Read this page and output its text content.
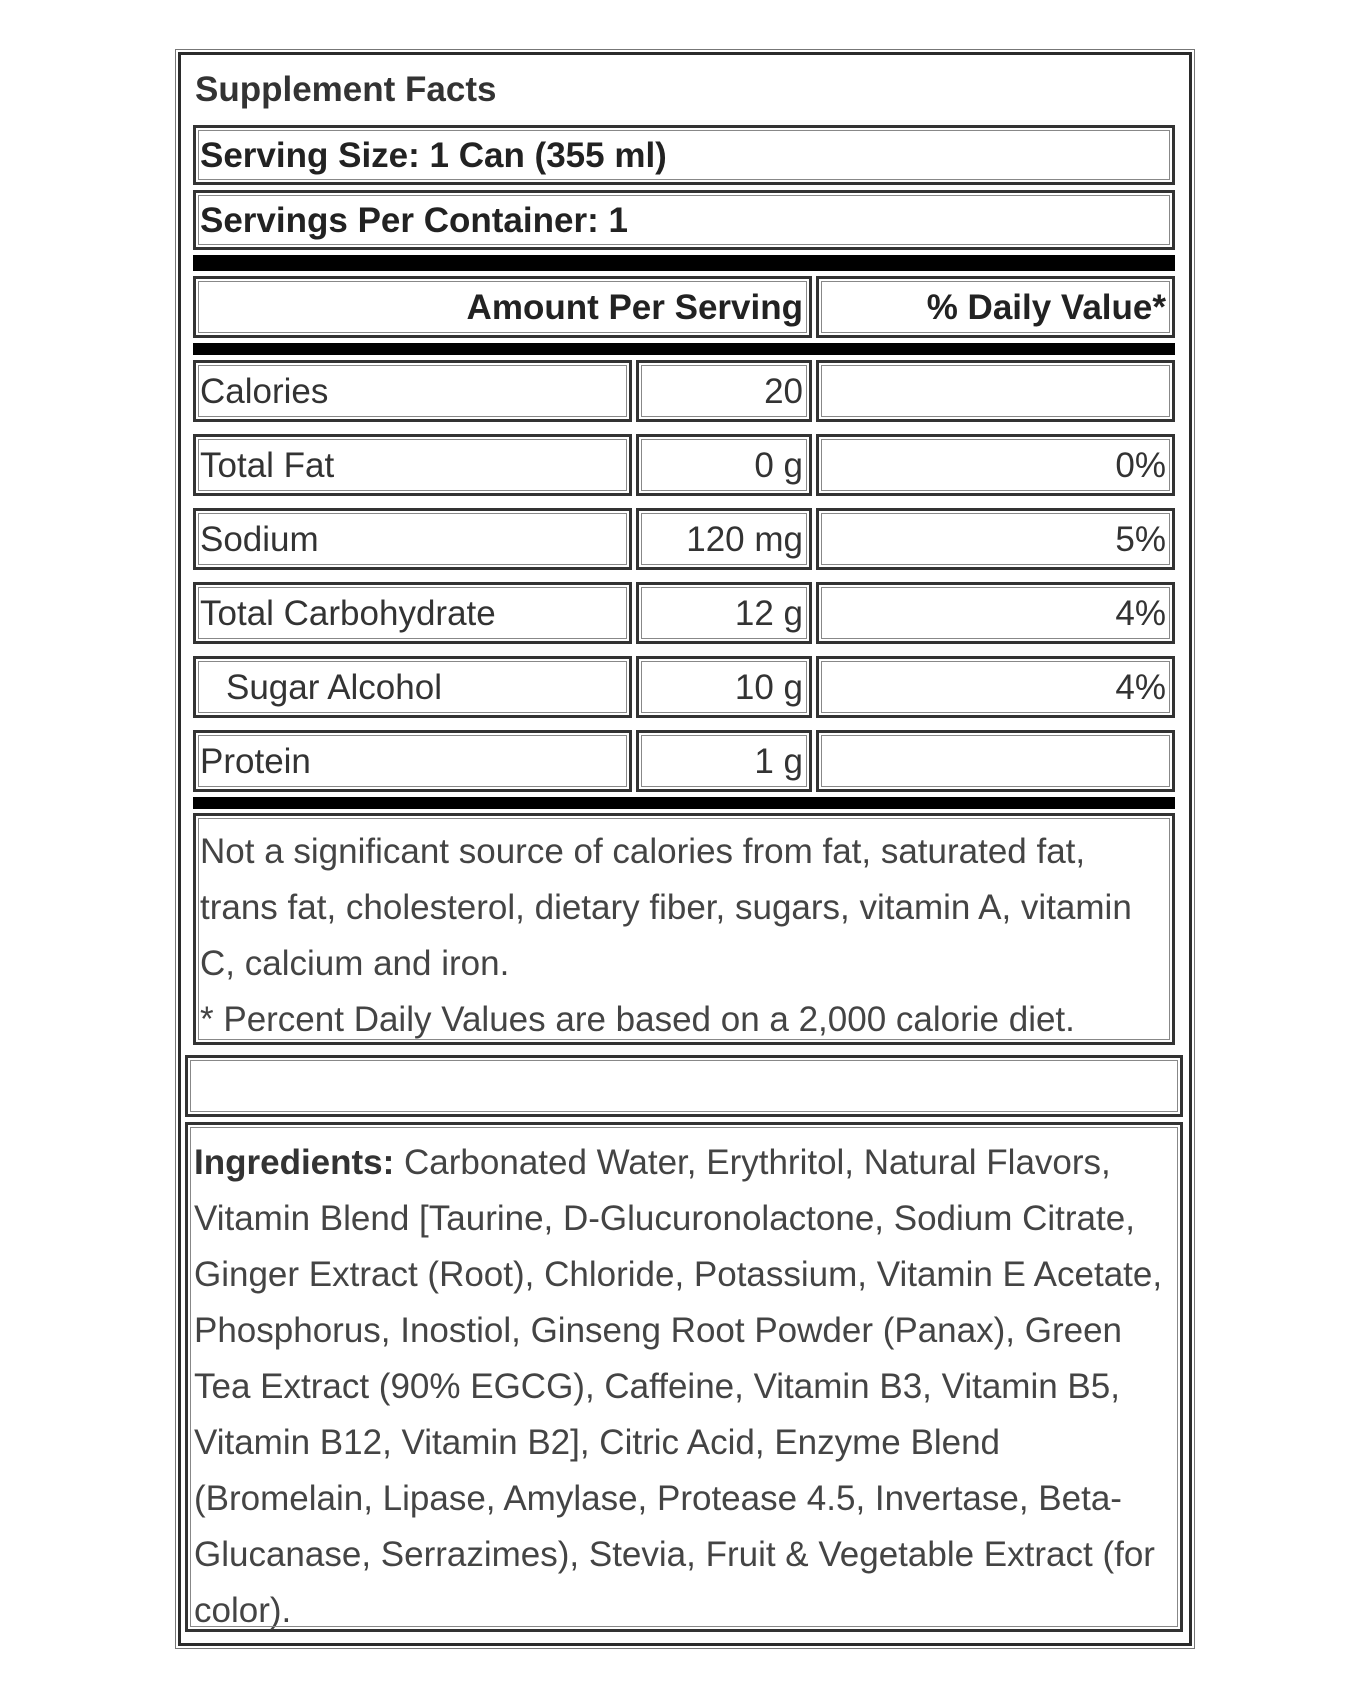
Supplement Facts
Serving Size: 1 Can (355 ml)
Servings Per Container: 1
Amount Per Serving	% Daily Value*
Calories	20
Total Fat	0 g	0%
Sodium	120 mg	5%
Total Carbohydrate	12 g	4%
Sugar Alcohol	10 g	4%
Protein	1 g
Not a significant source of calories from fat, saturated fat, trans fat, cholesterol, dietary fiber, sugars, vitamin A, vitamin C, calcium and iron.
* Percent Daily Values are based on a 2,000 calorie diet.
Ingredients: Carbonated Water, Erythritol, Natural Flavors, Vitamin Blend [Taurine, D-Glucuronolactone, Sodium Citrate, Ginger Extract (Root), Chloride, Potassium, Vitamin E Acetate, Phosphorus, Inostiol, Ginseng Root Powder (Panax), Green Tea Extract (90% EGCG), Caffeine, Vitamin B3, Vitamin B5, Vitamin B12, Vitamin B2], Citric Acid, Enzyme Blend (Bromelain, Lipase, Amylase, Protease 4.5, Invertase, Beta-Glucanase, Serrazimes), Stevia, Fruit & Vegetable Extract (for color).
